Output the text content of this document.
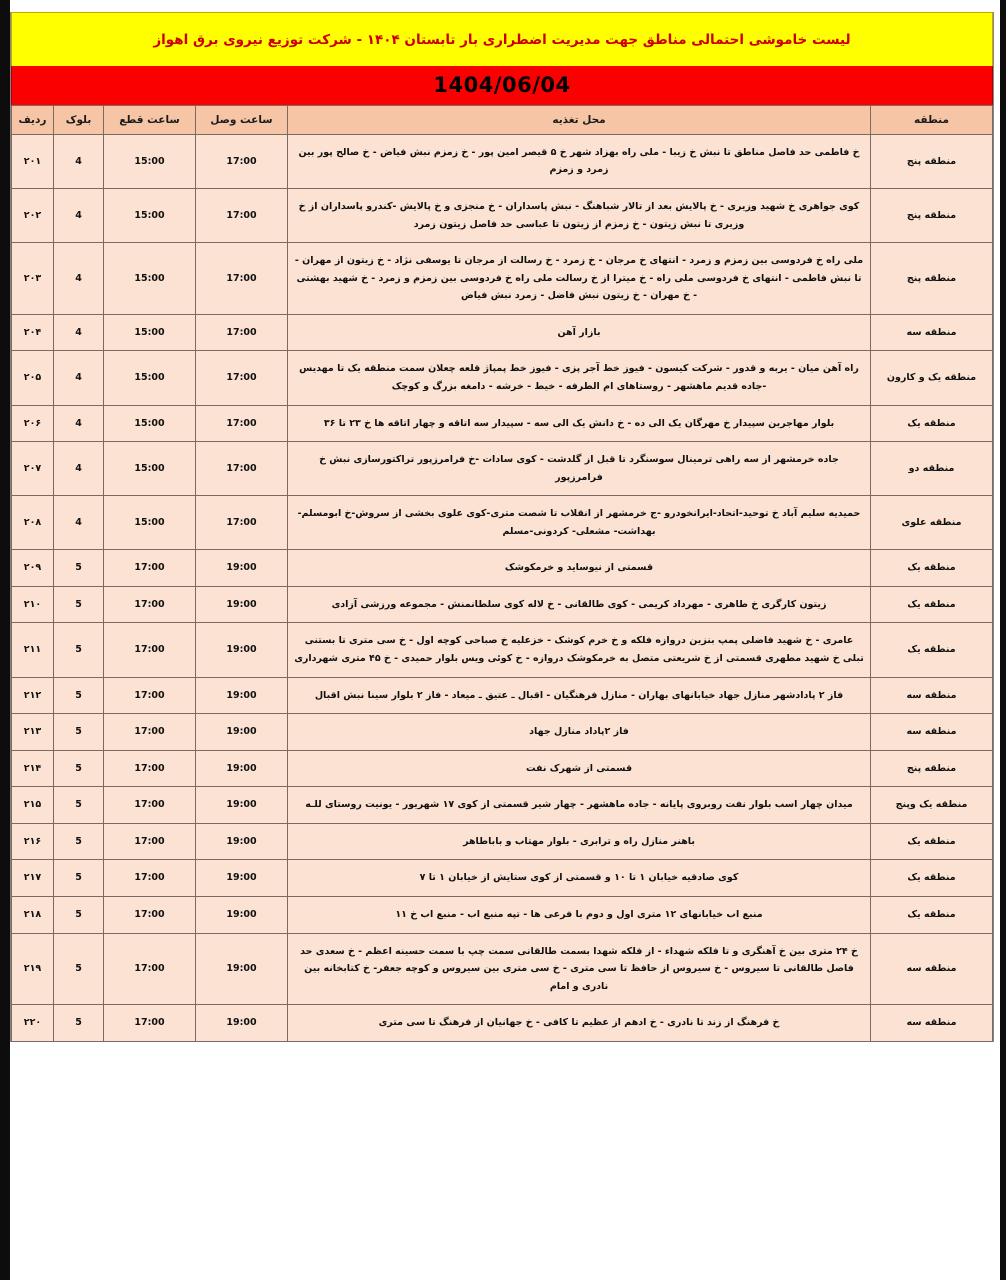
لیست خاموشی احتمالی مناطق جهت مدیریت اضطراری بار تابستان ۱۴۰۴ - شرکت توزیع نیروی برق اهواز
1404/06/04
منطقه	محل تغذیه	ساعت وصل	ساعت قطع	بلوک	ردیف
منطقه پنج	خ فاطمی حد فاصل مناطق تا نبش خ زیبا - ملی راه بهزاد شهر خ ۵ قیصر امین پور - خ زمزم نبش فیاض - خ صالح پور بین زمرد و زمزم	17:00	15:00	4	۲۰۱
منطقه پنج	کوی جواهری خ شهید وزیری - خ پالایش بعد از تالار شباهنگ - نبش پاسداران - خ منجزی و خ پالایش -کندرو پاسداران از خ وزیری تا نبش زیتون - خ زمزم از زیتون تا عباسی حد فاصل زیتون زمرد	17:00	15:00	4	۲۰۲
منطقه پنج	ملی راه خ فردوسی بین زمزم و زمرد - انتهای خ مرجان - خ زمرد - خ رسالت از مرجان تا یوسفی نژاد - خ زیتون از مهران - تا نبش فاطمی - انتهای خ فردوسی ملی راه - خ میترا از خ رسالت ملی راه خ فردوسی بین زمزم و زمرد - خ شهید بهشتی - خ مهران - خ زیتون نبش فاضل - زمرد نبش فیاض	17:00	15:00	4	۲۰۳
منطقه سه	بازار آهن	17:00	15:00	4	۲۰۴
منطقه یک و کارون	راه آهن میان - یربه و قدور - شرکت کیسون - فیوز خط آجر پزی - فیوز خط پمپاژ قلعه چعلان سمت منطقه یک تا مهدیس -جاده قدیم ماهشهر - روستاهای ام الطرفه - خیط - خرشه - دامغه بزرگ و کوچک	17:00	15:00	4	۲۰۵
منطقه یک	بلوار مهاجرین سپیدار خ مهرگان یک الی ده - خ دانش یک الی سه - سپیدار سه اتاقه و چهار اتاقه ها خ ۲۳ تا ۳۶	17:00	15:00	4	۲۰۶
منطقه دو	جاده خرمشهر از سه راهی ترمینال سوسنگرد تا قبل از گلدشت - کوی سادات -خ فرامرزپور تراکتورسازی نبش خ فرامرزپور	17:00	15:00	4	۲۰۷
منطقه علوی	حمیدیه سلیم آباد خ توحید-اتحاد-ایرانخودرو -ج خرمشهر از انقلاب تا شصت متری-کوی علوی بخشی از سروش-خ ابومسلم- بهداشت- مشعلی- کردونی-مسلم	17:00	15:00	4	۲۰۸
منطقه یک	قسمتی از نیوساید و خرمکوشک	19:00	17:00	5	۲۰۹
منطقه یک	زیتون کارگری خ طاهری - مهرداد کریمی - کوی طالقانی - خ لاله کوی سلطانمنش - مجموعه ورزشی آزادی	19:00	17:00	5	۲۱۰
منطقه یک	عامری - خ شهید فاضلی پمپ بنزین دروازه فلکه و خ خرم کوشک - خزعلیه خ صباحی کوچه اول - خ سی متری تا بستنی تبلی خ شهید مطهری قسمتی از خ شریعتی متصل به خرمکوشک دروازه - خ کوئی ویس بلوار حمیدی - خ ۴۵ متری شهرداری	19:00	17:00	5	۲۱۱
منطقه سه	فاز ۲ پادادشهر منازل جهاد خیابانهای بهاران - منازل فرهنگیان - اقبال ـ عتیق ـ میعاد - فاز ۲ بلوار سینا نبش اقبال	19:00	17:00	5	۲۱۲
منطقه سه	فاز ۲پاداد منازل جهاد	19:00	17:00	5	۲۱۳
منطقه پنج	قسمتی از شهرک نفت	19:00	17:00	5	۲۱۴
منطقه یک وپنج	میدان چهار اسب بلوار نفت روبروی پایانه - جاده ماهشهر - چهار شیر قسمتی از کوی ۱۷ شهریور - یونیت روستای للـه	19:00	17:00	5	۲۱۵
منطقه یک	باهنر منازل راه و ترابری - بلوار مهتاب و باباطاهر	19:00	17:00	5	۲۱۶
منطقه یک	کوی صادقیه خیابان ۱ تا ۱۰ و قسمتی از کوی ستایش از خیابان ۱ تا ۷	19:00	17:00	5	۲۱۷
منطقه یک	منبع اب خیابانهای ۱۲ متری اول و دوم با فرعی ها - تپه منبع اب - منبع اب خ ۱۱	19:00	17:00	5	۲۱۸
منطقه سه	خ ۲۴ متری بین خ آهنگری و تا فلکه شهداء - از فلکه شهدا بسمت طالقانی سمت چپ با سمت حسینه اعظم - خ سعدی حد فاصل طالقانی تا سیروس - خ سیروس از حافظ تا سی متری - خ سی متری بین سیروس و کوچه جعفر- خ کتابخانه بین نادری و امام	19:00	17:00	5	۲۱۹
منطقه سه	خ فرهنگ از زند تا نادری - خ ادهم از عظیم تا کافی - خ جهانیان از فرهنگ تا سی متری	19:00	17:00	5	۲۲۰
